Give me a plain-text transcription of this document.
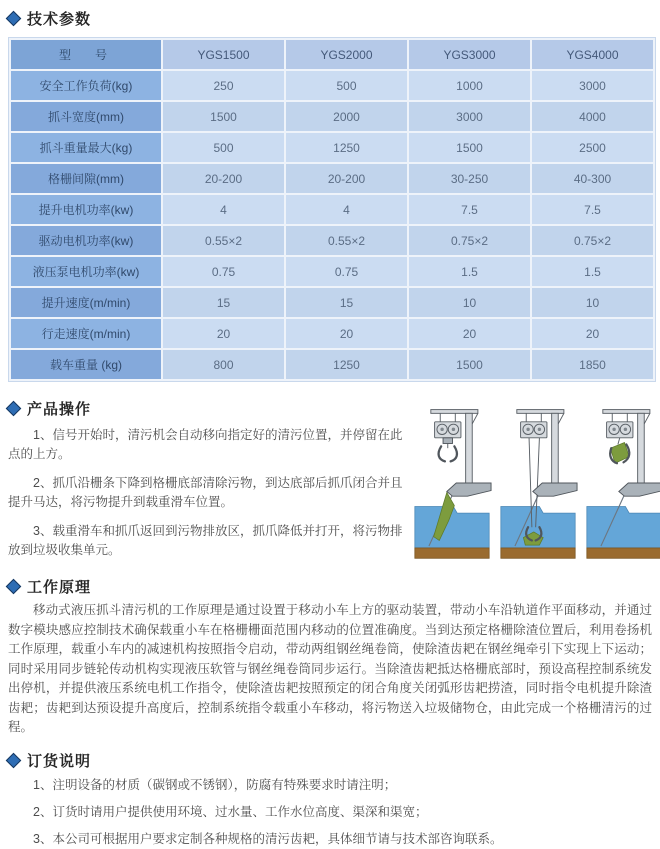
技术参数
型　号	YGS1500	YGS2000	YGS3000	YGS4000
安全工作负荷(kg)	250	500	1000	3000
抓斗宽度(mm)	1500	2000	3000	4000
抓斗重量最大(kg)	500	1250	1500	2500
格栅间隙(mm)	20-200	20-200	30-250	40-300
提升电机功率(kw)	4	4	7.5	7.5
驱动电机功率(kw)	0.55×2	0.55×2	0.75×2	0.75×2
液压泵电机功率(kw)	0.75	0.75	1.5	1.5
提升速度(m/min)	15	15	10	10
行走速度(m/min)	20	20	20	20
载车重量 (kg)	800	1250	1500	1850
产品操作

1、信号开始时，清污机会自动移向指定好的清污位置，并停留在此点的上方。

2、抓爪沿栅条下降到格栅底部清除污物，到达底部后抓爪闭合并且提升马达，将污物提升到载重滑车位置。

3、载重滑车和抓爪返回到污物排放区，抓爪降低并打开，将污物排放到垃圾收集单元。

工作原理

移动式液压抓斗清污机的工作原理是通过设置于移动小车上方的驱动装置，带动小车沿轨道作平面移动，并通过数字模块感应控制技术确保载重小车在格栅栅面范围内移动的位置准确度。当到达预定格栅除渣位置后，利用卷扬机工作原理，载重小车内的减速机构按照指令启动，带动两组钢丝绳卷筒，使除渣齿耙在钢丝绳牵引下实现上下运动；同时采用同步链轮传动机构实现液压软管与钢丝绳卷筒同步运行。当除渣齿耙抵达格栅底部时，预设高程控制系统发出停机，并提供液压系统电机工作指令，使除渣齿耙按照预定的闭合角度关闭弧形齿耙捞渣，同时指令电机提升除渣齿耙；齿耙到达预设提升高度后，控制系统指令载重小车移动，将污物送入垃圾储物仓，由此完成一个格栅清污的过程。

订货说明

1、注明设备的材质（碳钢或不锈钢），防腐有特殊要求时请注明；

2、订货时请用户提供使用环境、过水量、工作水位高度、渠深和渠宽；

3、本公司可根据用户要求定制各种规格的清污齿耙，具体细节请与技术部咨询联系。
